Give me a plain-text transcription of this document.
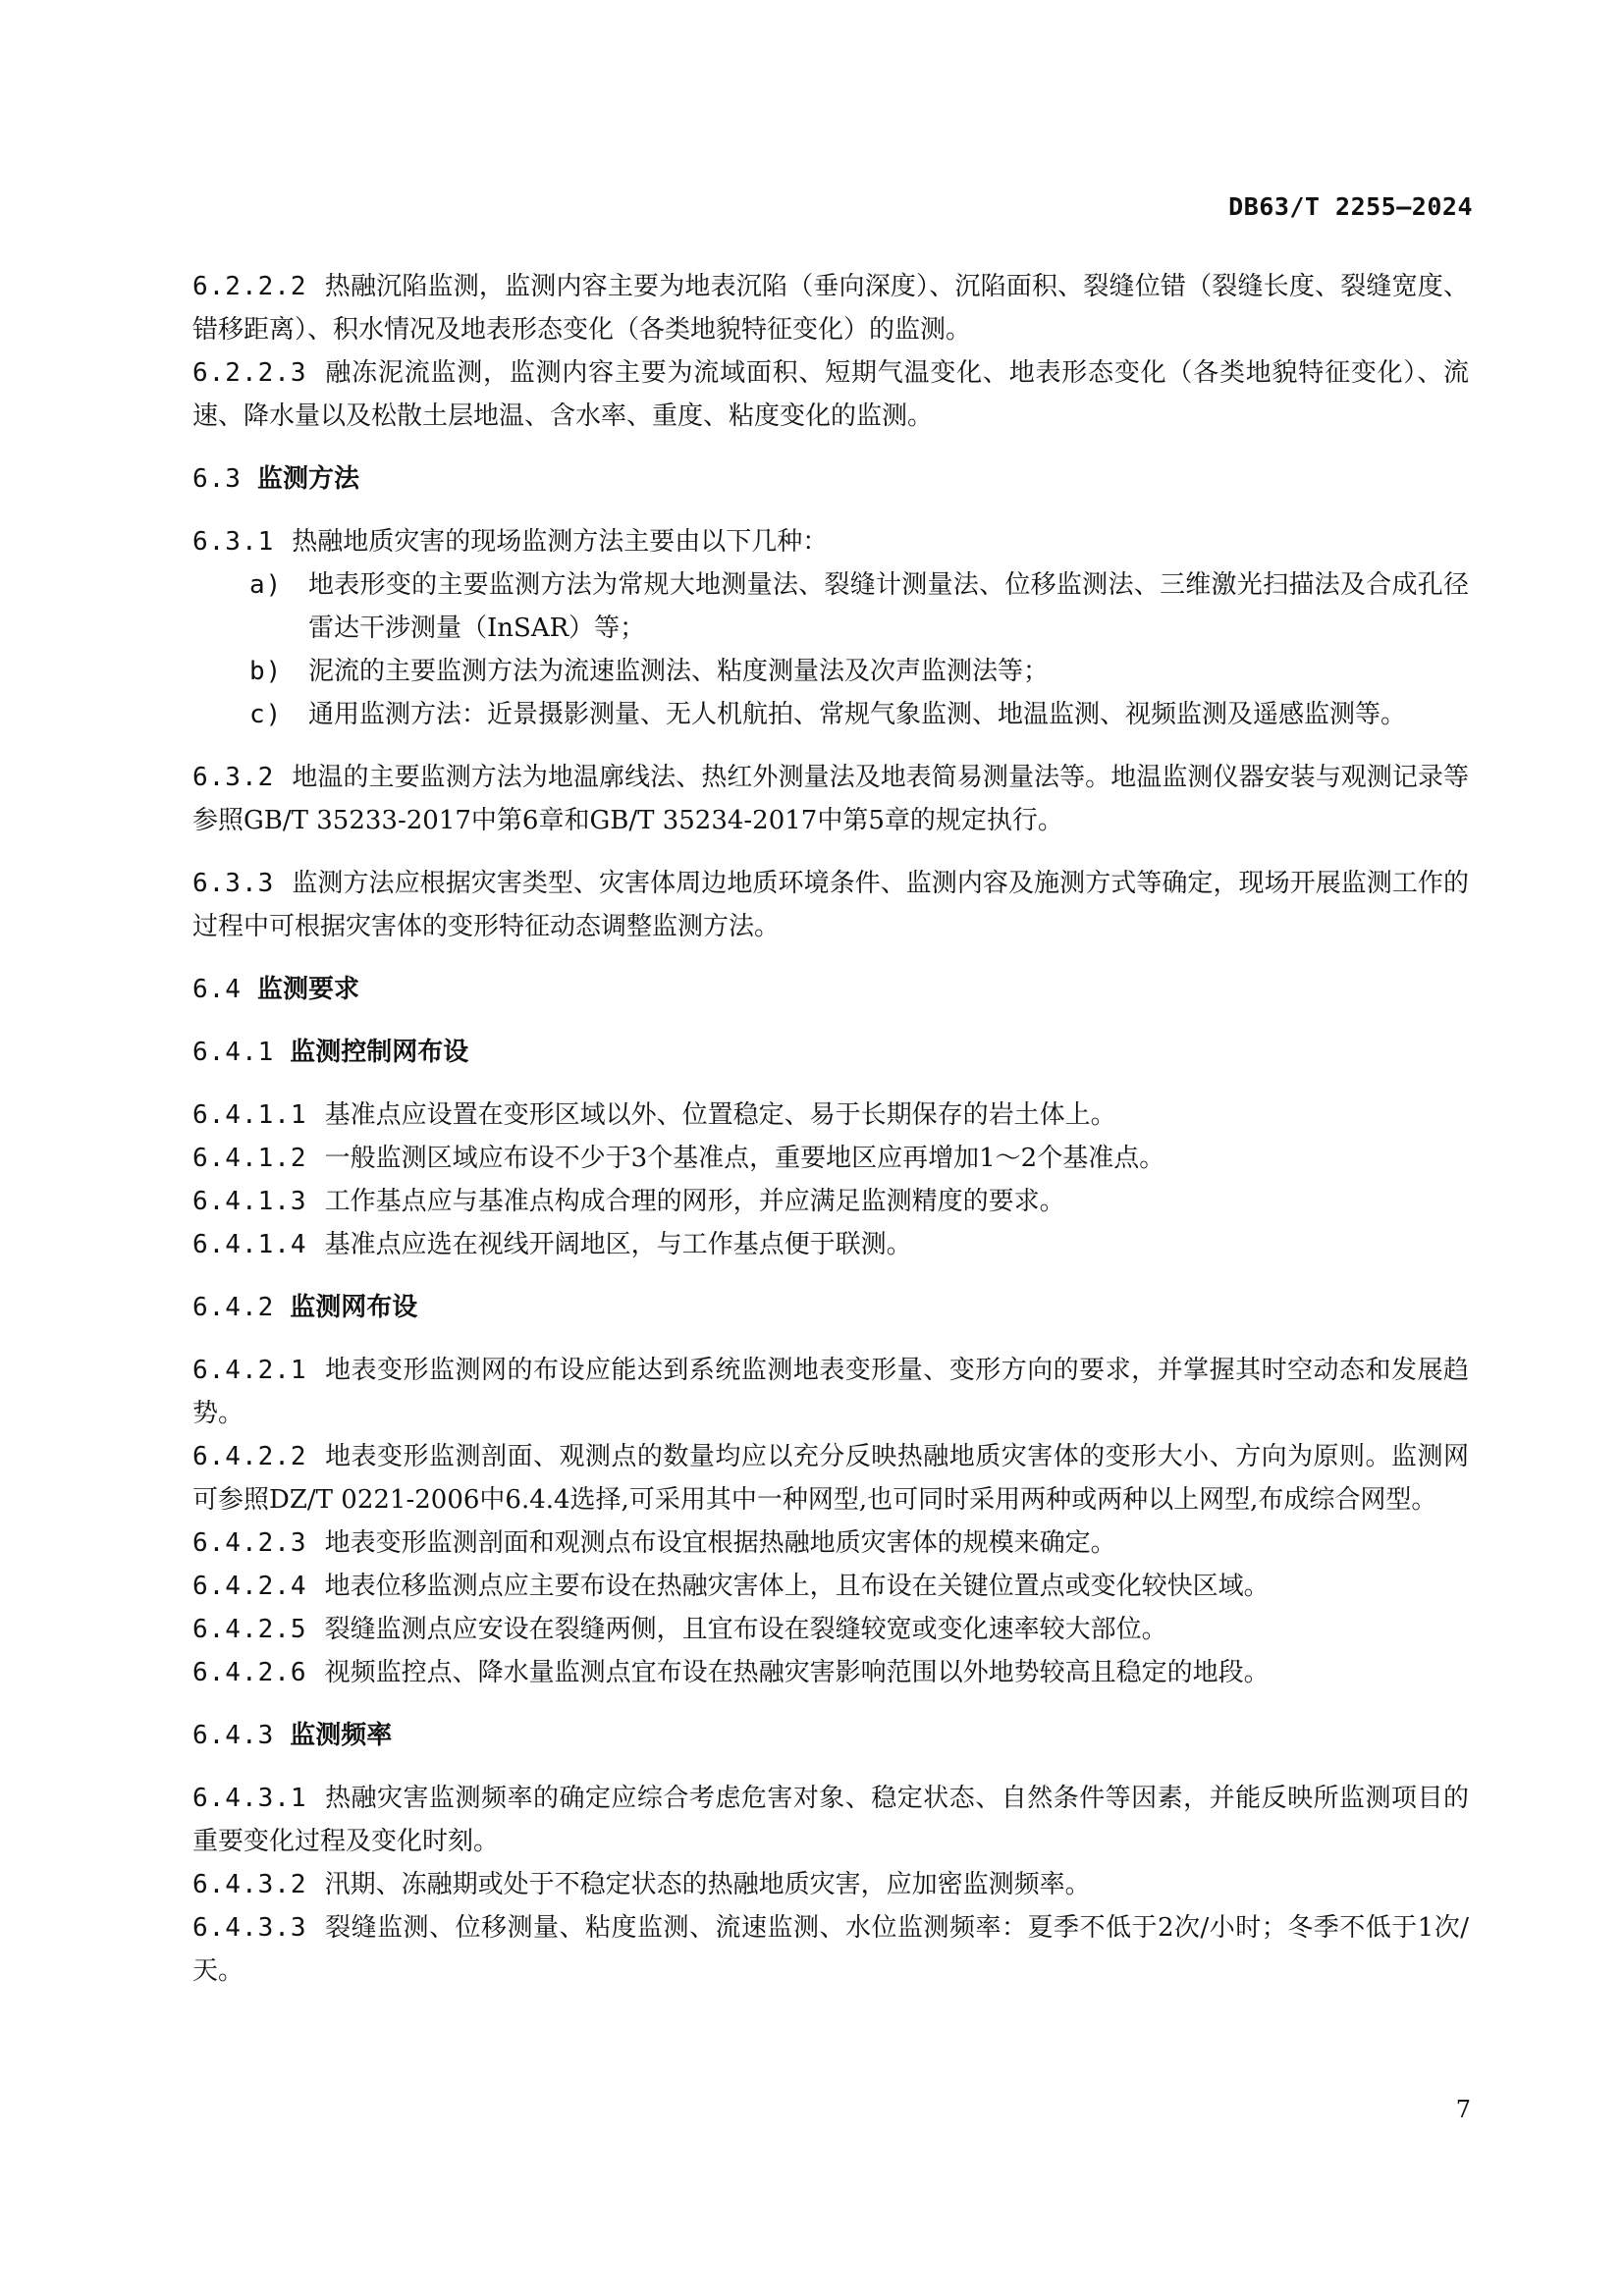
DB63/T 2255—2024

6.2.2.2 热融沉陷监测，监测内容主要为地表沉陷（垂向深度）、沉陷面积、裂缝位错（裂缝长度、裂缝宽度、错移距离）、积水情况及地表形态变化（各类地貌特征变化）的监测。

6.2.2.3 融冻泥流监测，监测内容主要为流域面积、短期气温变化、地表形态变化（各类地貌特征变化）、流速、降水量以及松散土层地温、含水率、重度、粘度变化的监测。

6.3 监测方法

6.3.1 热融地质灾害的现场监测方法主要由以下几种：

a)	地表形变的主要监测方法为常规大地测量法、裂缝计测量法、位移监测法、三维激光扫描法及合成孔径雷达干涉测量（InSAR）等；
b)	泥流的主要监测方法为流速监测法、粘度测量法及次声监测法等；
c)	通用监测方法：近景摄影测量、无人机航拍、常规气象监测、地温监测、视频监测及遥感监测等。

6.3.2 地温的主要监测方法为地温廓线法、热红外测量法及地表简易测量法等。地温监测仪器安装与观测记录等参照GB/T 35233-2017中第6章和GB/T 35234-2017中第5章的规定执行。

6.3.3 监测方法应根据灾害类型、灾害体周边地质环境条件、监测内容及施测方式等确定，现场开展监测工作的过程中可根据灾害体的变形特征动态调整监测方法。

6.4 监测要求

6.4.1 监测控制网布设

6.4.1.1 基准点应设置在变形区域以外、位置稳定、易于长期保存的岩土体上。

6.4.1.2 一般监测区域应布设不少于3个基准点，重要地区应再增加1～2个基准点。

6.4.1.3 工作基点应与基准点构成合理的网形，并应满足监测精度的要求。

6.4.1.4 基准点应选在视线开阔地区，与工作基点便于联测。

6.4.2 监测网布设

6.4.2.1 地表变形监测网的布设应能达到系统监测地表变形量、变形方向的要求，并掌握其时空动态和发展趋势。

6.4.2.2 地表变形监测剖面、观测点的数量均应以充分反映热融地质灾害体的变形大小、方向为原则。监测网可参照DZ/T 0221-2006中6.4.4选择,可采用其中一种网型,也可同时采用两种或两种以上网型,布成综合网型。

6.4.2.3 地表变形监测剖面和观测点布设宜根据热融地质灾害体的规模来确定。

6.4.2.4 地表位移监测点应主要布设在热融灾害体上，且布设在关键位置点或变化较快区域。

6.4.2.5 裂缝监测点应安设在裂缝两侧，且宜布设在裂缝较宽或变化速率较大部位。

6.4.2.6 视频监控点、降水量监测点宜布设在热融灾害影响范围以外地势较高且稳定的地段。

6.4.3 监测频率

6.4.3.1 热融灾害监测频率的确定应综合考虑危害对象、稳定状态、自然条件等因素，并能反映所监测项目的重要变化过程及变化时刻。

6.4.3.2 汛期、冻融期或处于不稳定状态的热融地质灾害，应加密监测频率。

6.4.3.3 裂缝监测、位移测量、粘度监测、流速监测、水位监测频率：夏季不低于2次/小时；冬季不低于1次/天。

7
